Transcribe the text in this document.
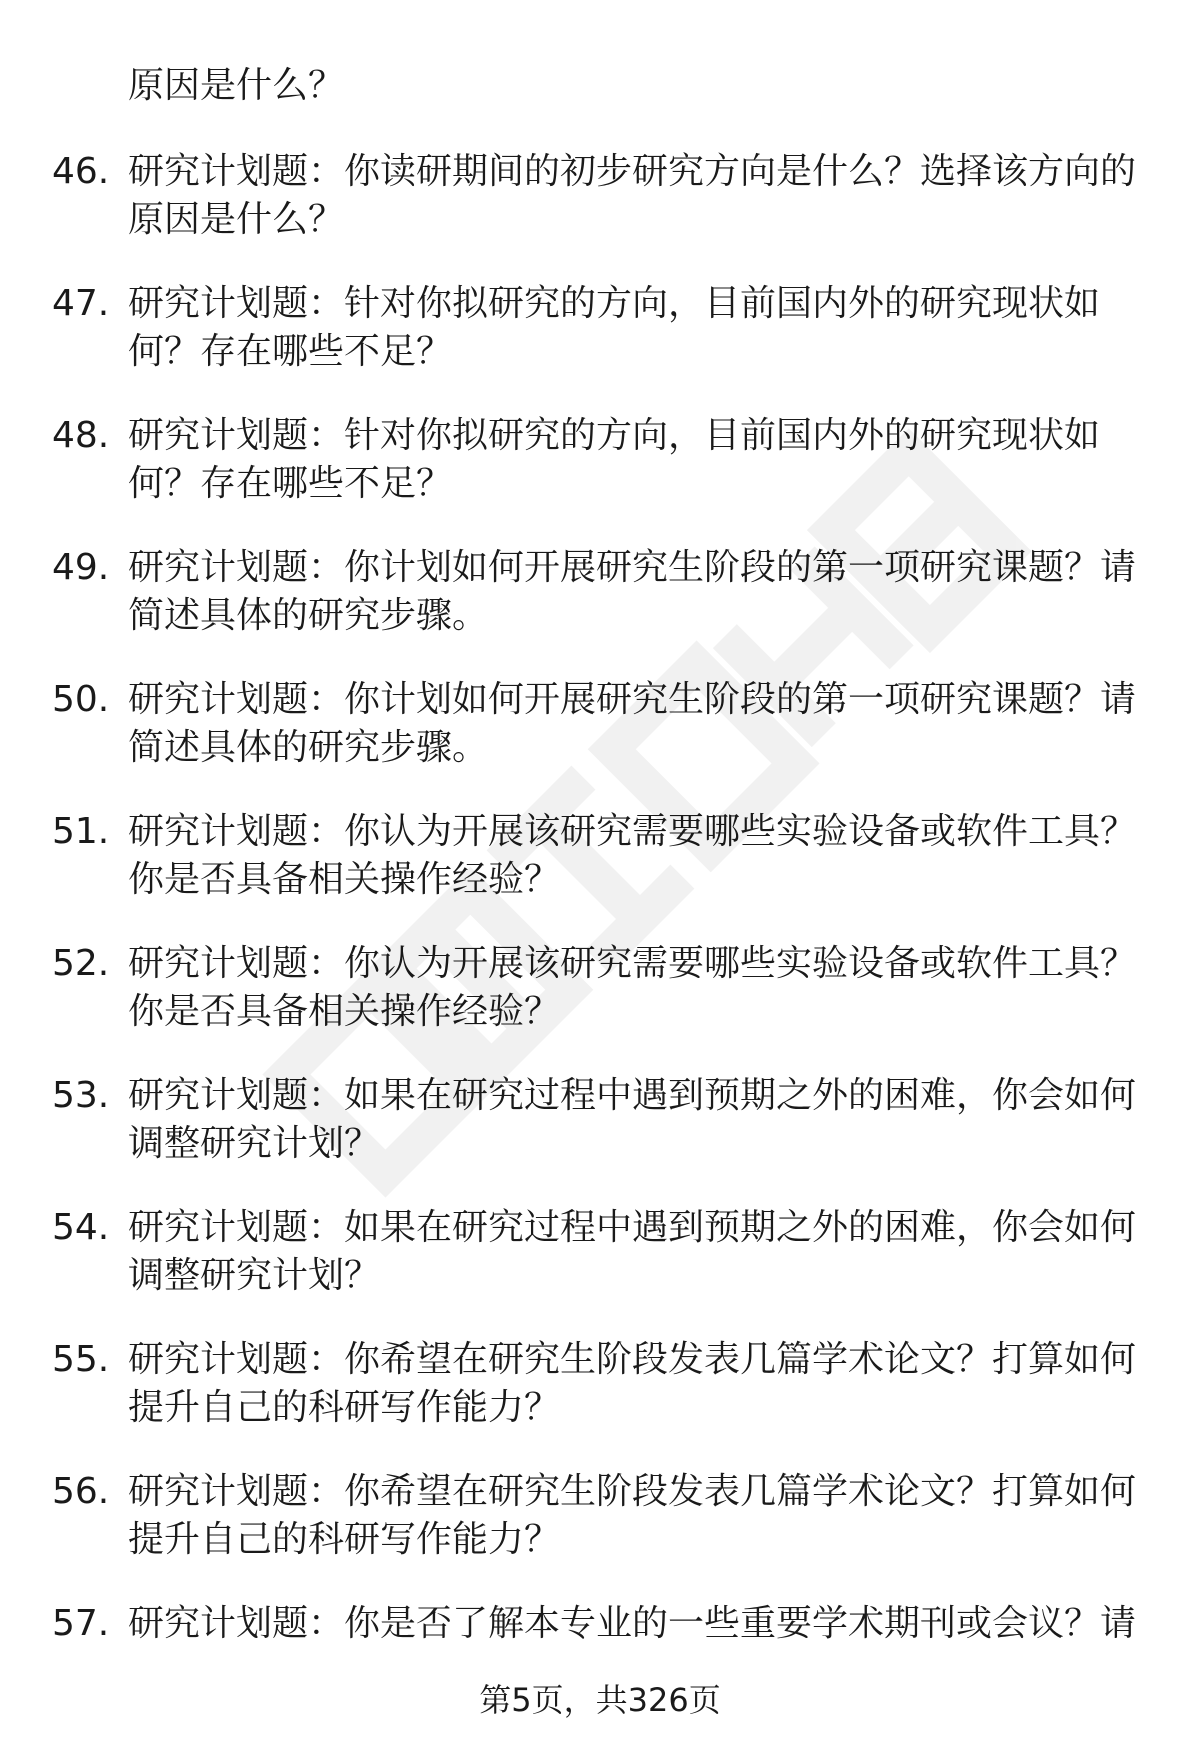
原因是什么？
46. 研究计划题：你读研期间的初步研究方向是什么？选择该方向的原因是什么？
47. 研究计划题：针对你拟研究的方向，目前国内外的研究现状如何？存在哪些不足？
48. 研究计划题：针对你拟研究的方向，目前国内外的研究现状如何？存在哪些不足？
49. 研究计划题：你计划如何开展研究生阶段的第一项研究课题？请简述具体的研究步骤。
50. 研究计划题：你计划如何开展研究生阶段的第一项研究课题？请简述具体的研究步骤。
51. 研究计划题：你认为开展该研究需要哪些实验设备或软件工具？你是否具备相关操作经验？
52. 研究计划题：你认为开展该研究需要哪些实验设备或软件工具？你是否具备相关操作经验？
53. 研究计划题：如果在研究过程中遇到预期之外的困难，你会如何调整研究计划？
54. 研究计划题：如果在研究过程中遇到预期之外的困难，你会如何调整研究计划？
55. 研究计划题：你希望在研究生阶段发表几篇学术论文？打算如何提升自己的科研写作能力？
56. 研究计划题：你希望在研究生阶段发表几篇学术论文？打算如何提升自己的科研写作能力？
57. 研究计划题：你是否了解本专业的一些重要学术期刊或会议？请
第5页，共326页
